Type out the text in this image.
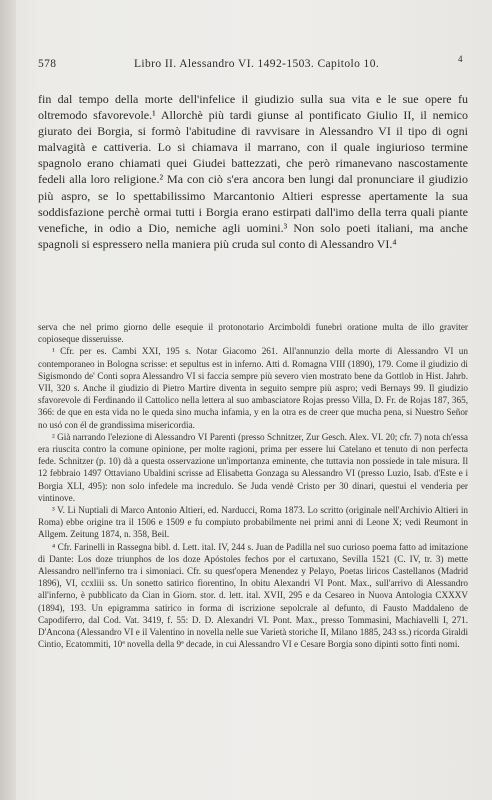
578	Libro II. Alessandro VI. 1492-1503. Capitolo 10.	4

fin dal tempo della morte dell'infelice il giudizio sulla sua vita e le sue opere fu oltremodo sfavorevole.¹ Allorchè più tardi giunse al pontificato Giulio II, il nemico giurato dei Borgia, si formò l'abitudine di ravvisare in Alessandro VI il tipo di ogni malvagità e cattiveria. Lo si chiamava il marrano, con il quale ingiurioso termine spagnolo erano chiamati quei Giudei battezzati, che però rimanevano nascostamente fedeli alla loro religione.² Ma con ciò s'era ancora ben lungi dal pronunciare il giudizio più aspro, se lo spettabilissimo Marcantonio Altieri espresse apertamente la sua soddisfazione perchè ormai tutti i Borgia erano estirpati dall'imo della terra quali piante venefiche, in odio a Dio, nemiche agli uomini.³ Non solo poeti italiani, ma anche spagnoli si espressero nella maniera più cruda sul conto di Alessandro VI.⁴

serva che nel primo giorno delle esequie il protonotario Arcimboldi funebri oratione multa de illo graviter copioseque disseruisse.

¹ Cfr. per es. Cambi XXI, 195 s. Notar Giacomo 261. All'annunzio della morte di Alessandro VI un contemporaneo in Bologna scrisse: et sepultus est in inferno. Atti d. Romagna VIII (1890), 179. Come il giudizio di Sigismondo de' Conti sopra Alessandro VI si faccia sempre più severo vien mostrato bene da Gottlob in Hist. Jahrb. VII, 320 s. Anche il giudizio di Pietro Martire diventa in seguito sempre più aspro; vedi Bernays 99. Il giudizio sfavorevole di Ferdinando il Cattolico nella lettera al suo ambasciatore Rojas presso Villa, D. Fr. de Rojas 187, 365, 366: de que en esta vida no le queda sino mucha infamia, y en la otra es de creer que mucha pena, si Nuestro Señor no usó con él de grandissima misericordia.

² Già narrando l'elezione di Alessandro VI Parenti (presso Schnitzer, Zur Gesch. Alex. VI. 20; cfr. 7) nota ch'essa era riuscita contro la comune opinione, per molte ragioni, prima per essere lui Catelano et tenuto di non perfecta fede. Schnitzer (p. 10) dà a questa osservazione un'importanza eminente, che tuttavia non possiede in tale misura. Il 12 febbraio 1497 Ottaviano Ubaldini scrisse ad Elisabetta Gonzaga su Alessandro VI (presso Luzio, Isab. d'Este e i Borgia XLI, 495): non solo infedele ma incredulo. Se Juda vendè Cristo per 30 dinari, questui el venderia per vintinove.

³ V. Li Nuptiali di Marco Antonio Altieri, ed. Narducci, Roma 1873. Lo scritto (originale nell'Archivio Altieri in Roma) ebbe origine tra il 1506 e 1509 e fu compiuto probabilmente nei primi anni di Leone X; vedi Reumont in Allgem. Zeitung 1874, n. 358, Beil.

⁴ Cfr. Farinelli in Rassegna bibl. d. Lett. ital. IV, 244 s. Juan de Padilla nel suo curioso poema fatto ad imitazione di Dante: Los doze triunphos de los doze Apóstoles fechos por el cartuxano, Sevilla 1521 (C. IV, tr. 3) mette Alessandro nell'inferno tra i simoniaci. Cfr. su quest'opera Menendez y Pelayo, Poetas liricos Castellanos (Madrid 1896), VI, ccxliii ss. Un sonetto satirico fiorentino, In obitu Alexandri VI Pont. Max., sull'arrivo di Alessandro all'inferno, è pubblicato da Cian in Giorn. stor. d. lett. ital. XVII, 295 e da Cesareo in Nuova Antologia CXXXV (1894), 193. Un epigramma satirico in forma di iscrizione sepolcrale al defunto, di Fausto Maddaleno de Capodiferro, dal Cod. Vat. 3419, f. 55: D. D. Alexandri VI. Pont. Max., presso Tommasini, Machiavelli I, 271. D'Ancona (Alessandro VI e il Valentino in novella nelle sue Varietà storiche II, Milano 1885, 243 ss.) ricorda Giraldi Cintio, Ecatommiti, 10ª novella della 9ª decade, in cui Alessandro VI e Cesare Borgia sono dipinti sotto finti nomi.
